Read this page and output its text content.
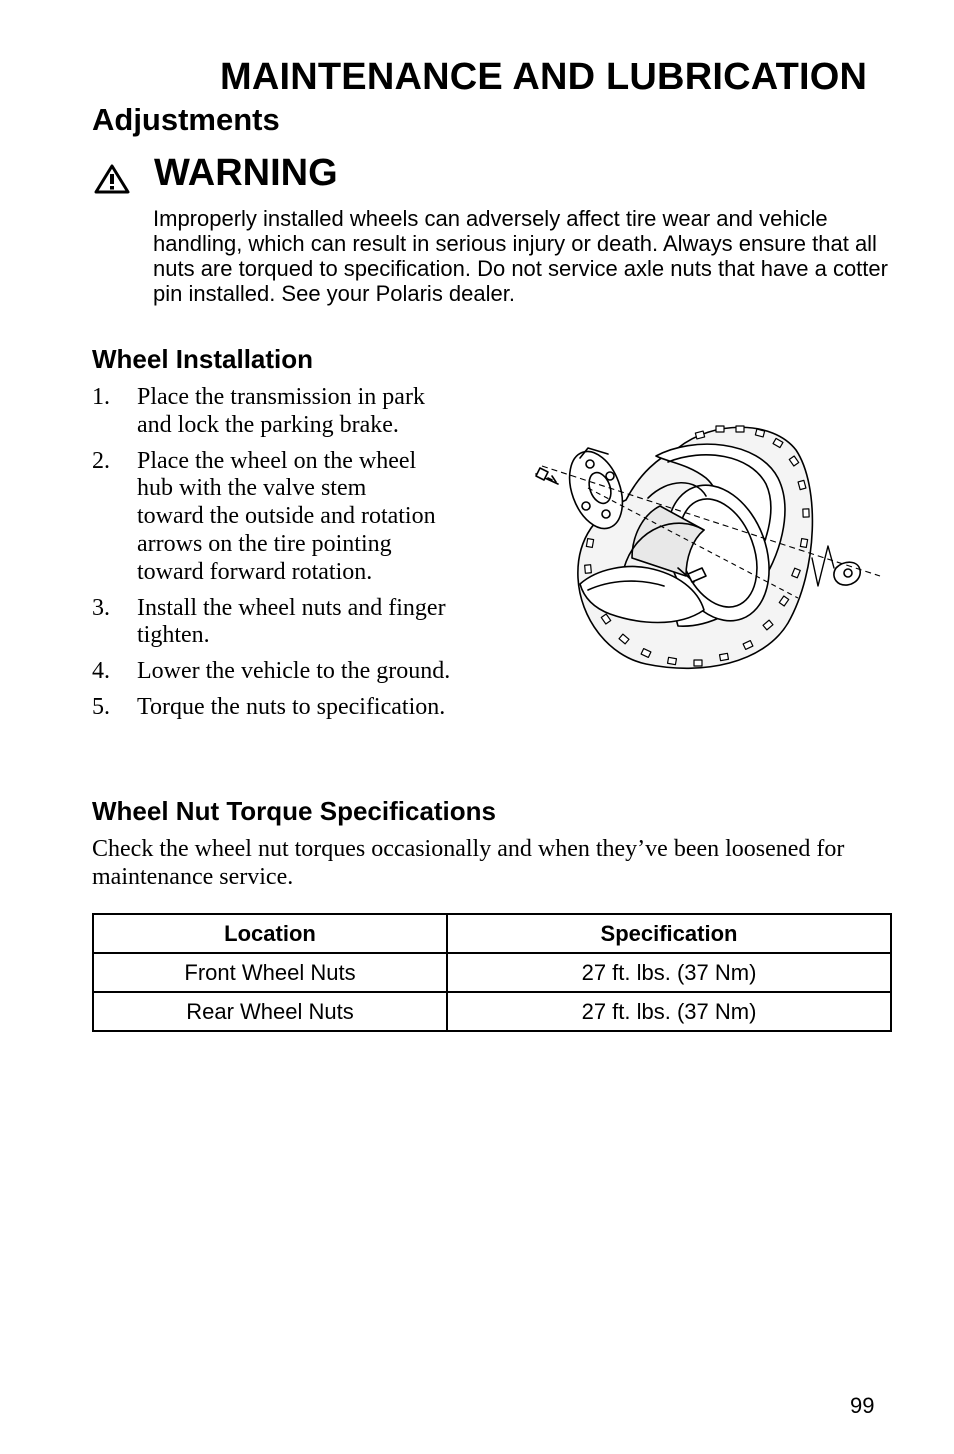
MAINTENANCE AND LUBRICATION
Adjustments
WARNING
Improperly installed wheels can adversely affect tire wear and vehicle handling, which can result in serious injury or death. Always ensure that all nuts are torqued to specification. Do not service axle nuts that have a cotter pin installed. See your Polaris dealer.
Wheel Installation
1. Place the transmission in park and lock the parking brake.
2. Place the wheel on the wheel hub with the valve stem toward the outside and rotation arrows on the tire pointing toward forward rotation.
3. Install the wheel nuts and finger tighten.
4. Lower the vehicle to the ground.
5. Torque the nuts to specification.
Wheel Nut Torque Specifications
Check the wheel nut torques occasionally and when they’ve been loosened for maintenance service.
Location	Specification
Front Wheel Nuts	27 ft. lbs. (37 Nm)
Rear Wheel Nuts	27 ft. lbs. (37 Nm)
99
